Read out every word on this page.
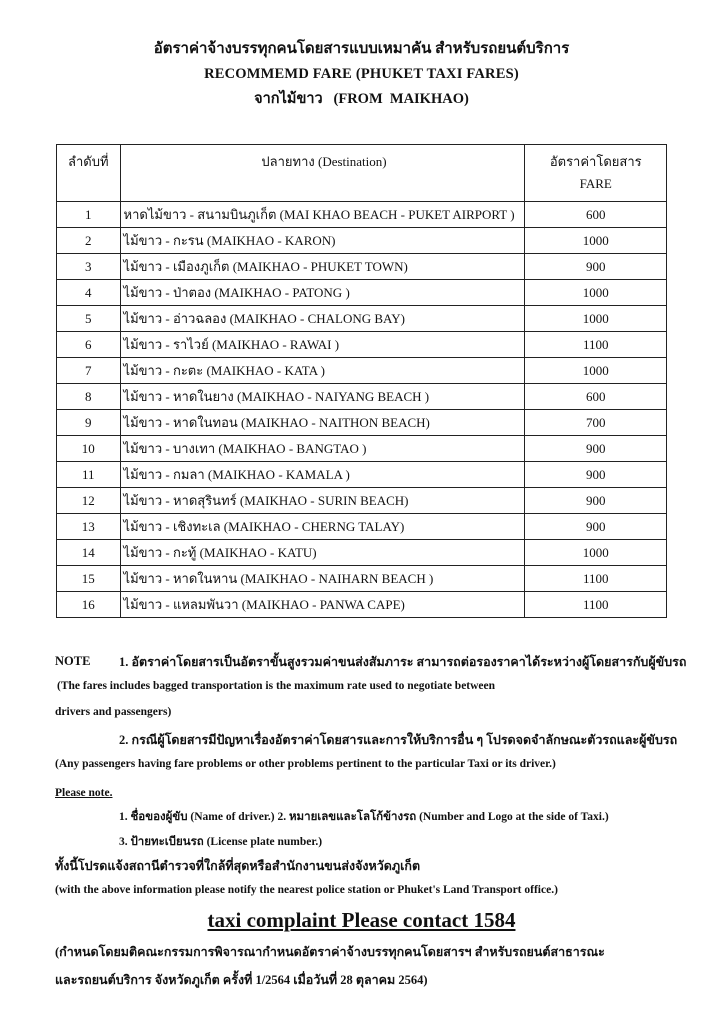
อัตราค่าจ้างบรรทุกคนโดยสารแบบเหมาคัน สำหรับรถยนต์บริการ
RECOMMEMD FARE (PHUKET TAXI FARES)
จากไม้ขาว   (FROM  MAIKHAO)
ลำดับที่	ปลายทาง (Destination)	อัตราค่าโดยสาร
FARE

1	หาดไม้ขาว - สนามบินภูเก็ต (MAI KHAO BEACH - PUKET AIRPORT )	600
2	ไม้ขาว - กะรน (MAIKHAO - KARON)	1000
3	ไม้ขาว - เมืองภูเก็ต (MAIKHAO - PHUKET TOWN)	900
4	ไม้ขาว - ป่าตอง (MAIKHAO - PATONG )	1000
5	ไม้ขาว - อ่าวฉลอง (MAIKHAO - CHALONG BAY)	1000
6	ไม้ขาว - ราไวย์ (MAIKHAO - RAWAI )	1100
7	ไม้ขาว - กะตะ (MAIKHAO - KATA )	1000
8	ไม้ขาว - หาดในยาง (MAIKHAO - NAIYANG BEACH )	600
9	ไม้ขาว - หาดในทอน (MAIKHAO - NAITHON BEACH)	700
10	ไม้ขาว - บางเทา (MAIKHAO - BANGTAO )	900
11	ไม้ขาว - กมลา (MAIKHAO - KAMALA )	900
12	ไม้ขาว - หาดสุรินทร์ (MAIKHAO - SURIN BEACH)	900
13	ไม้ขาว - เชิงทะเล (MAIKHAO - CHERNG TALAY)	900
14	ไม้ขาว - กะทู้ (MAIKHAO - KATU)	1000
15	ไม้ขาว - หาดในหาน (MAIKHAO - NAIHARN BEACH )	1100
16	ไม้ขาว - แหลมพันวา (MAIKHAO - PANWA CAPE)	1100
NOTE 1. อัตราค่าโดยสารเป็นอัตราขั้นสูงรวมค่าขนส่งสัมภาระ สามารถต่อรองราคาได้ระหว่างผู้โดยสารกับผู้ขับรถ
(The fares includes bagged transportation is the maximum rate used to negotiate between
drivers and passengers)
2. กรณีผู้โดยสารมีปัญหาเรื่องอัตราค่าโดยสารและการให้บริการอื่น ๆ โปรดจดจำลักษณะตัวรถและผู้ขับรถ
(Any passengers having fare problems or other problems pertinent to the particular Taxi or its driver.)
Please note.
1. ชื่อของผู้ขับ (Name of driver.) 2. หมายเลขและโลโก้ข้างรถ (Number and Logo at the side of Taxi.)
3. ป้ายทะเบียนรถ (License plate number.)
ทั้งนี้โปรดแจ้งสถานีตำรวจที่ใกล้ที่สุดหรือสำนักงานขนส่งจังหวัดภูเก็ต
(with the above information please notify the nearest police station or Phuket's Land Transport office.)
taxi complaint Please contact 1584
(กำหนดโดยมติคณะกรรมการพิจารณากำหนดอัตราค่าจ้างบรรทุกคนโดยสารฯ สำหรับรถยนต์สาธารณะ
และรถยนต์บริการ จังหวัดภูเก็ต ครั้งที่ 1/2564 เมื่อวันที่ 28 ตุลาคม 2564)
